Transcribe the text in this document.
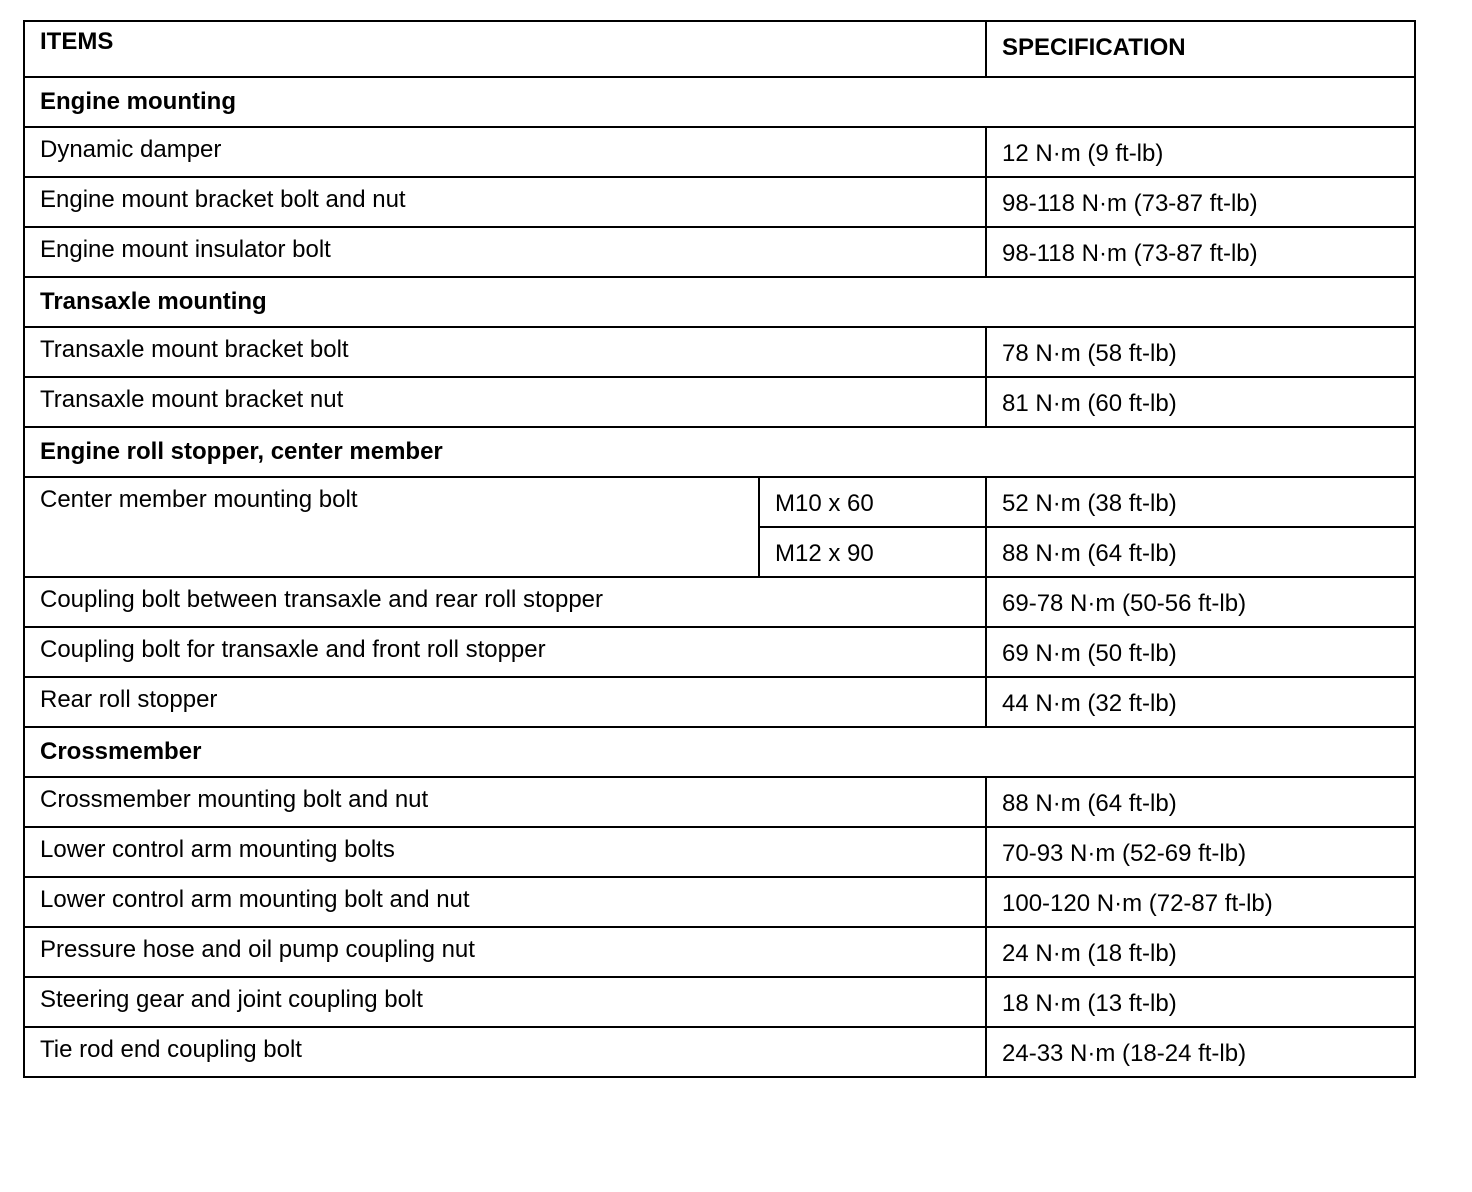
ITEMS		SPECIFICATION

Engine mounting		

Dynamic damper		12 N·m (9 ft-lb)

Engine mount bracket bolt and nut		98-118 N·m (73-87 ft-lb)

Engine mount insulator bolt		98-118 N·m (73-87 ft-lb)

Transaxle mounting		

Transaxle mount bracket bolt		78 N·m (58 ft-lb)

Transaxle mount bracket nut		81 N·m (60 ft-lb)

Engine roll stopper, center member		

Center member mounting bolt	M10 x 60	52 N·m (38 ft-lb)

	M12 x 90	88 N·m (64 ft-lb)

Coupling bolt between transaxle and rear roll stopper		69-78 N·m (50-56 ft-lb)

Coupling bolt for transaxle and front roll stopper		69 N·m (50 ft-lb)

Rear roll stopper		44 N·m (32 ft-lb)

Crossmember		

Crossmember mounting bolt and nut		88 N·m (64 ft-lb)

Lower control arm mounting bolts		70-93 N·m (52-69 ft-lb)

Lower control arm mounting bolt and nut		100-120 N·m (72-87 ft-lb)

Pressure hose and oil pump coupling nut		24 N·m (18 ft-lb)

Steering gear and joint coupling bolt		18 N·m (13 ft-lb)

Tie rod end coupling bolt		24-33 N·m (18-24 ft-lb)
